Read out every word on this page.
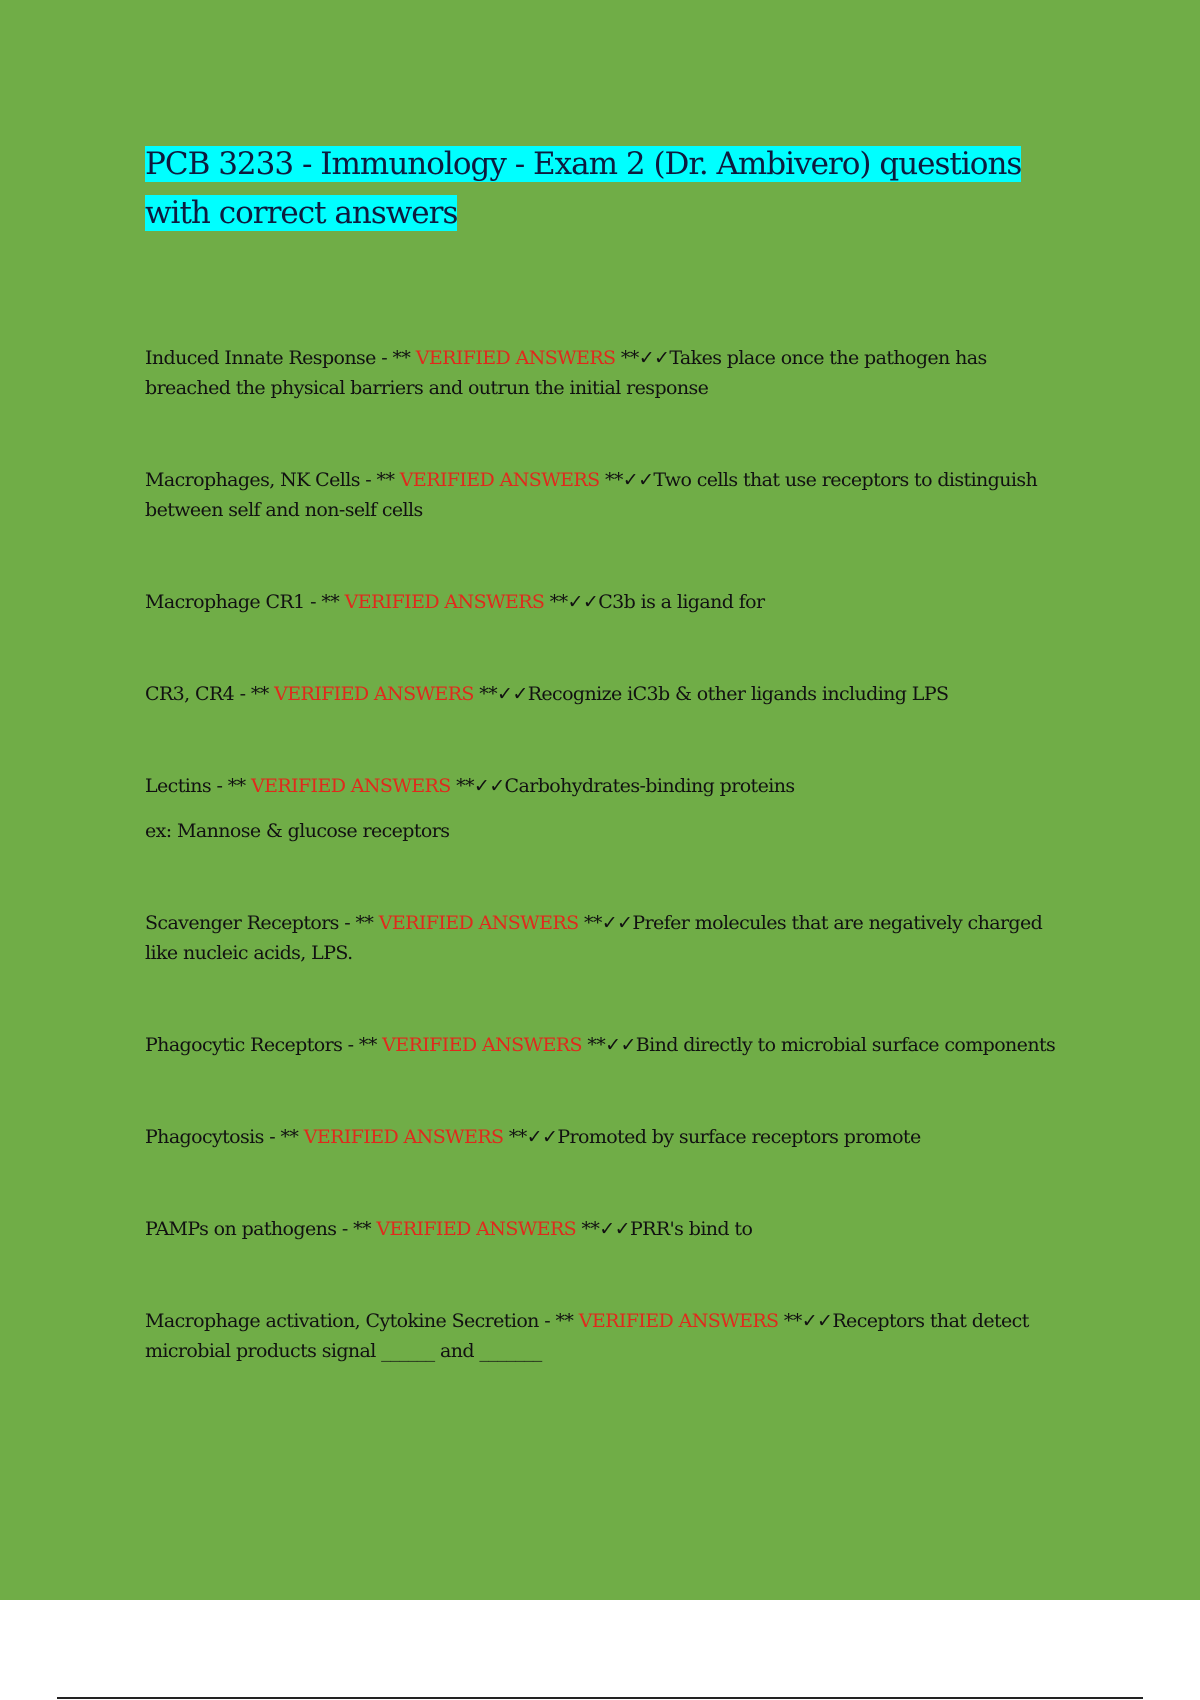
PCB 3233 - Immunology - Exam 2 (Dr. Ambivero) questions with correct answers
Induced Innate Response - ** VERIFIED ANSWERS **✓✓Takes place once the pathogen has breached the physical barriers and outrun the initial response
Macrophages, NK Cells - ** VERIFIED ANSWERS **✓✓Two cells that use receptors to distinguish between self and non-self cells
Macrophage CR1 - ** VERIFIED ANSWERS **✓✓C3b is a ligand for
CR3, CR4 - ** VERIFIED ANSWERS **✓✓Recognize iC3b & other ligands including LPS
Lectins - ** VERIFIED ANSWERS **✓✓Carbohydrates-binding proteins
ex: Mannose & glucose receptors
Scavenger Receptors - ** VERIFIED ANSWERS **✓✓Prefer molecules that are negatively charged like nucleic acids, LPS.
Phagocytic Receptors - ** VERIFIED ANSWERS **✓✓Bind directly to microbial surface components
Phagocytosis - ** VERIFIED ANSWERS **✓✓Promoted by surface receptors promote
PAMPs on pathogens - ** VERIFIED ANSWERS **✓✓PRR's bind to
Macrophage activation, Cytokine Secretion - ** VERIFIED ANSWERS **✓✓Receptors that detect microbial products signal ______ and _______
